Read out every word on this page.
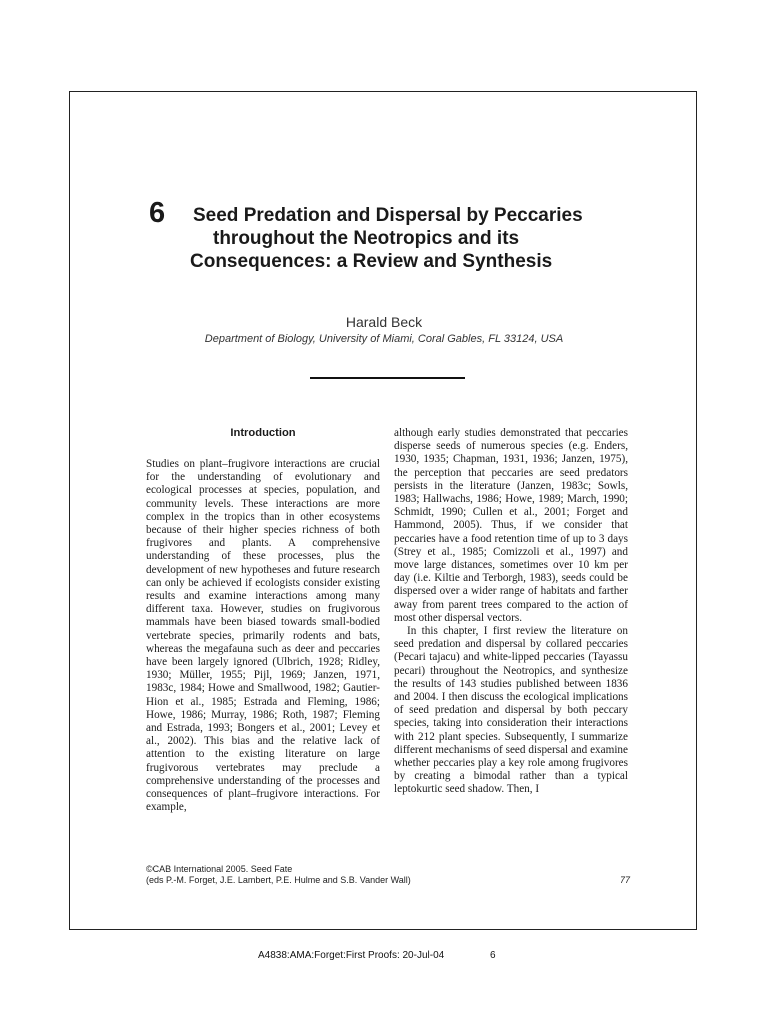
6 Seed Predation and Dispersal by Peccaries
throughout the Neotropics and its
Consequences: a Review and Synthesis
Harald Beck
Department of Biology, University of Miami, Coral Gables, FL 33124, USA
Introduction

Studies on plant–frugivore interactions are crucial for the understanding of evolutionary and ecological processes at species, population, and community levels. These interactions are more complex in the tropics than in other ecosystems because of their higher species richness of both frugivores and plants. A comprehensive understanding of these processes, plus the development of new hypotheses and future research can only be achieved if ecologists consider existing results and examine interactions among many different taxa. However, studies on frugivorous mammals have been biased towards small-bodied vertebrate species, primarily rodents and bats, whereas the megafauna such as deer and peccaries have been largely ignored (Ulbrich, 1928; Ridley, 1930; Müller, 1955; Pijl, 1969; Janzen, 1971, 1983c, 1984; Howe and Smallwood, 1982; Gautier-Hion et al., 1985; Estrada and Fleming, 1986; Howe, 1986; Murray, 1986; Roth, 1987; Fleming and Estrada, 1993; Bongers et al., 2001; Levey et al., 2002). This bias and the relative lack of attention to the existing literature on large frugivorous vertebrates may preclude a comprehensive understanding of the processes and consequences of plant–frugivore interactions. For example,

although early studies demonstrated that peccaries disperse seeds of numerous species (e.g. Enders, 1930, 1935; Chapman, 1931, 1936; Janzen, 1975), the perception that peccaries are seed predators persists in the literature (Janzen, 1983c; Sowls, 1983; Hallwachs, 1986; Howe, 1989; March, 1990; Schmidt, 1990; Cullen et al., 2001; Forget and Hammond, 2005). Thus, if we consider that peccaries have a food retention time of up to 3 days (Strey et al., 1985; Comizzoli et al., 1997) and move large distances, sometimes over 10 km per day (i.e. Kiltie and Terborgh, 1983), seeds could be dispersed over a wider range of habitats and farther away from parent trees compared to the action of most other dispersal vectors.

In this chapter, I first review the literature on seed predation and dispersal by collared peccaries (Pecari tajacu) and white-lipped peccaries (Tayassu pecari) throughout the Neotropics, and synthesize the results of 143 studies published between 1836 and 2004. I then discuss the ecological implications of seed predation and dispersal by both peccary species, taking into consideration their interactions with 212 plant species. Subsequently, I summarize different mechanisms of seed dispersal and examine whether peccaries play a key role among frugivores by creating a bimodal rather than a typical leptokurtic seed shadow. Then, I

©CAB International 2005. Seed Fate
(eds P.-M. Forget, J.E. Lambert, P.E. Hulme and S.B. Vander Wall)	77
A4838:AMA:Forget:First Proofs: 20-Jul-04	6
